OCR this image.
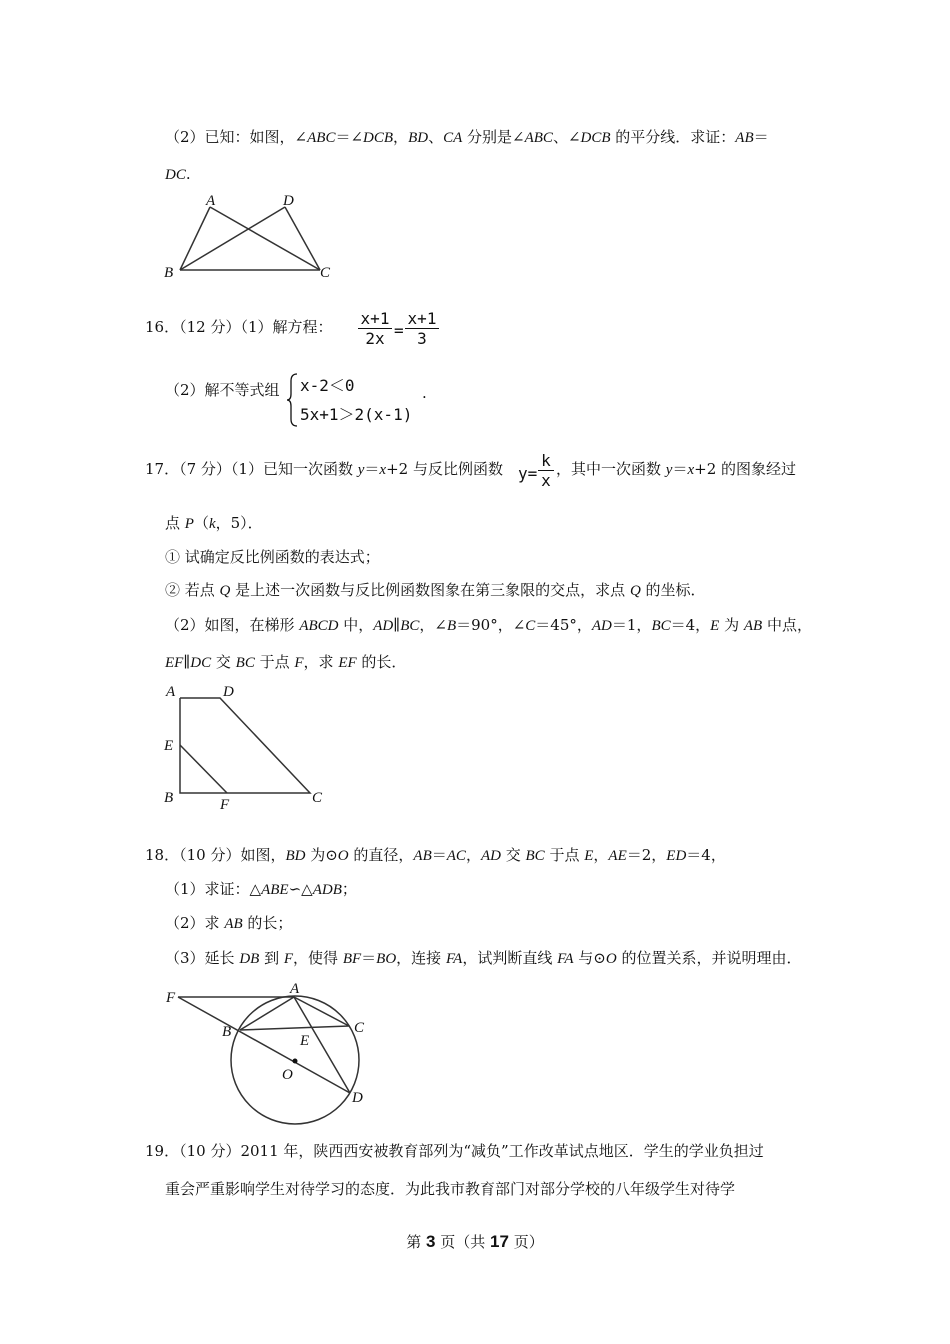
（2）已知：如图，∠ABC＝∠DCB，BD、CA 分别是∠ABC、∠DCB 的平分线．求证：AB＝
DC.
A	D
B	C
16．（12 分）（1）解方程： $\frac{x+1}{2x} = \frac{x+1}{3}$
（2）解不等式组 x-2＜0
5x+1＞2(x-1)
.
17．（7 分）（1）已知一次函数 y＝x+2 与反比例函数 $y= \frac{k}{x}$ ，其中一次函数 y＝x+2 的图象经过
点 P（k，5）．
① 试确定反比例函数的表达式；
② 若点 Q 是上述一次函数与反比例函数图象在第三象限的交点，求点 Q 的坐标．
（2）如图，在梯形 ABCD 中，AD∥BC，∠B＝90°，∠C＝45°，AD＝1，BC＝4，E 为 AB 中点，
EF∥DC 交 BC 于点 F，求 EF 的长．
A	D
E
B	F	C
18．（10 分）如图，BD 为⊙O 的直径，AB＝AC，AD 交 BC 于点 E，AE＝2，ED＝4，
（1）求证：△ABE∽△ADB；
（2）求 AB 的长；
（3）延长 DB 到 F，使得 BF＝BO，连接 FA，试判断直线 FA 与⊙O 的位置关系，并说明理由．
F
A
B	C
E
O
D
19．（10 分）2011 年，陕西西安被教育部列为“减负”工作改革试点地区．学生的学业负担过
重会严重影响学生对待学习的态度．为此我市教育部门对部分学校的八年级学生对待学
第 3 页（共 17 页）
